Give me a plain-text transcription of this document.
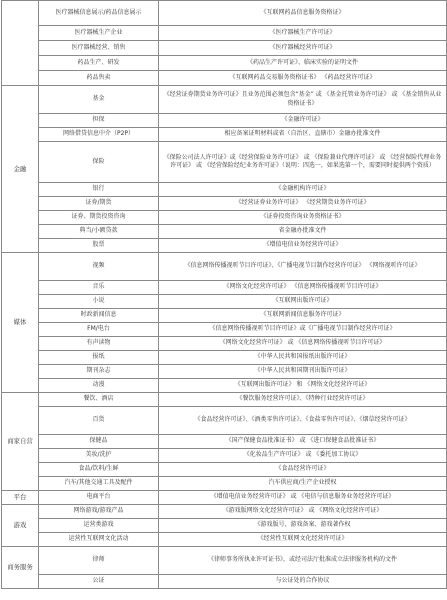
	医疗器械信息展示/药品信息展示	《互联网药品信息服务资格证》
	医疗器械生产企业	《医疗器械生产许可证》
	医疗器械经营、销售	《医疗器械经营许可证》
	药品生产、研发	《药品生产许可证》、临床实验的证明文件
	药品售卖	《互联网药品交易服务资格证书》 《药品经营许可证》
金融	基金	《经营证券期货业务许可证》且业务范围必须包含“基金” 或 《基金托管业务许可证》 或 《基金销售从业资格证书》
	担保	《金融许可证》
	网络借贷信息中介（P2P）	相应备案证明材料或省（自治区、直辖市）金融办批准文件
	保险	《保险公司法人许可证》或《经营保险业务许可证》 或 《保险兼业代理许可证》 或 《经营保险代理业务许可证》 或 《经营保险经纪业务许可证》（说明：四选一，如果选第一个，需要同时提供两个资质）
	银行	《金融机构许可证》
	证券/期货	《经营证券业务许可证》 《经营期货业务许可证》
	证券、期货投资咨询	《证券投资咨询业务资格证书》
	典当/小额贷款	省金融办批准文件
	股票	《增值电信业务经营许可证》
媒体	视频	《信息网络传播视听节目许可证》、《广播电视节目制作经营许可证》 《网络视听许可证》
	音乐	《网络文化经营许可证》 《信息网络传播视听节目许可证》
	小说	《互联网出版许可证》
	时政新闻信息	《互联网新闻信息服务许可证》
	FM/电台	《信息网络传播视听节目许可证》或《广播电视节目制作经营许可证》
	有声读物	《网络文化经营许可证》 或 《信息网络传播视听节目许可证》
	报纸	《中华人民共和国报纸出版许可证》
	期刊杂志	《中华人民共和国期刊出版许可证》
	动漫	《互联网出版许可证》 和 《网络文化经营许可证》
商家自营	餐饮、酒店	《餐饮服务经营许可证》、《特种行业经营许可证》
	百货	《食品经营许可证》、《酒类零售许可证》、《食盐零售许可证》、《烟草经营许可证》
	保健品	《国产保健食品批准证书》 或 《进口保健食品批准证书》
	美妆/洗护	《化妆品生产许可证》 或 《委托加工协议》
	食品/饮料/生鲜	《食品经营许可证》
	汽车/其他交通工具及配件	汽车供应商/生产企业授权
平台	电商平台	《增值电信业务经营许可证》 或 《电信与信息服务业务经营许可证》
游戏	网络游戏/游戏产品	《游戏版网络文化经营许可证》 或 《网络文化经营许可证》
	运营类游戏	《游戏版号、游戏备案、游戏著作权
	运营性互联网文化活动	《经营性互联网文化经营许可证》
商务服务	律师	《律师事务所执业许可证书》，或经司法厅批准成立法律服务机构的文件
	公证	与公证处的合作协议
